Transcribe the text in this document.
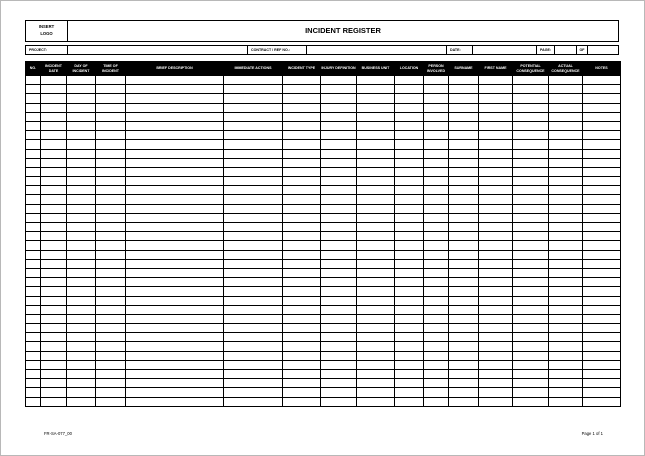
INSERT
LOGO	INCIDENT REGISTER
PROJECT:	CONTRACT / REF NO.:	DATE:	PAGE:	OF
NO.	INCIDENT DATE	DAY OF INCIDENT	TIME OF INCIDENT	BRIEF DESCRIPTION	IMMEDIATE ACTIONS	INCIDENT TYPE	INJURY DEFINITION	BUSINESS UNIT	LOCATION	PERSON INVOLVED	SURNAME	FIRST NAME	POTENTIAL CONSEQUENCE	ACTUAL CONSEQUENCE	NOTES

FR-SA-077_00	Page 1 of 1
